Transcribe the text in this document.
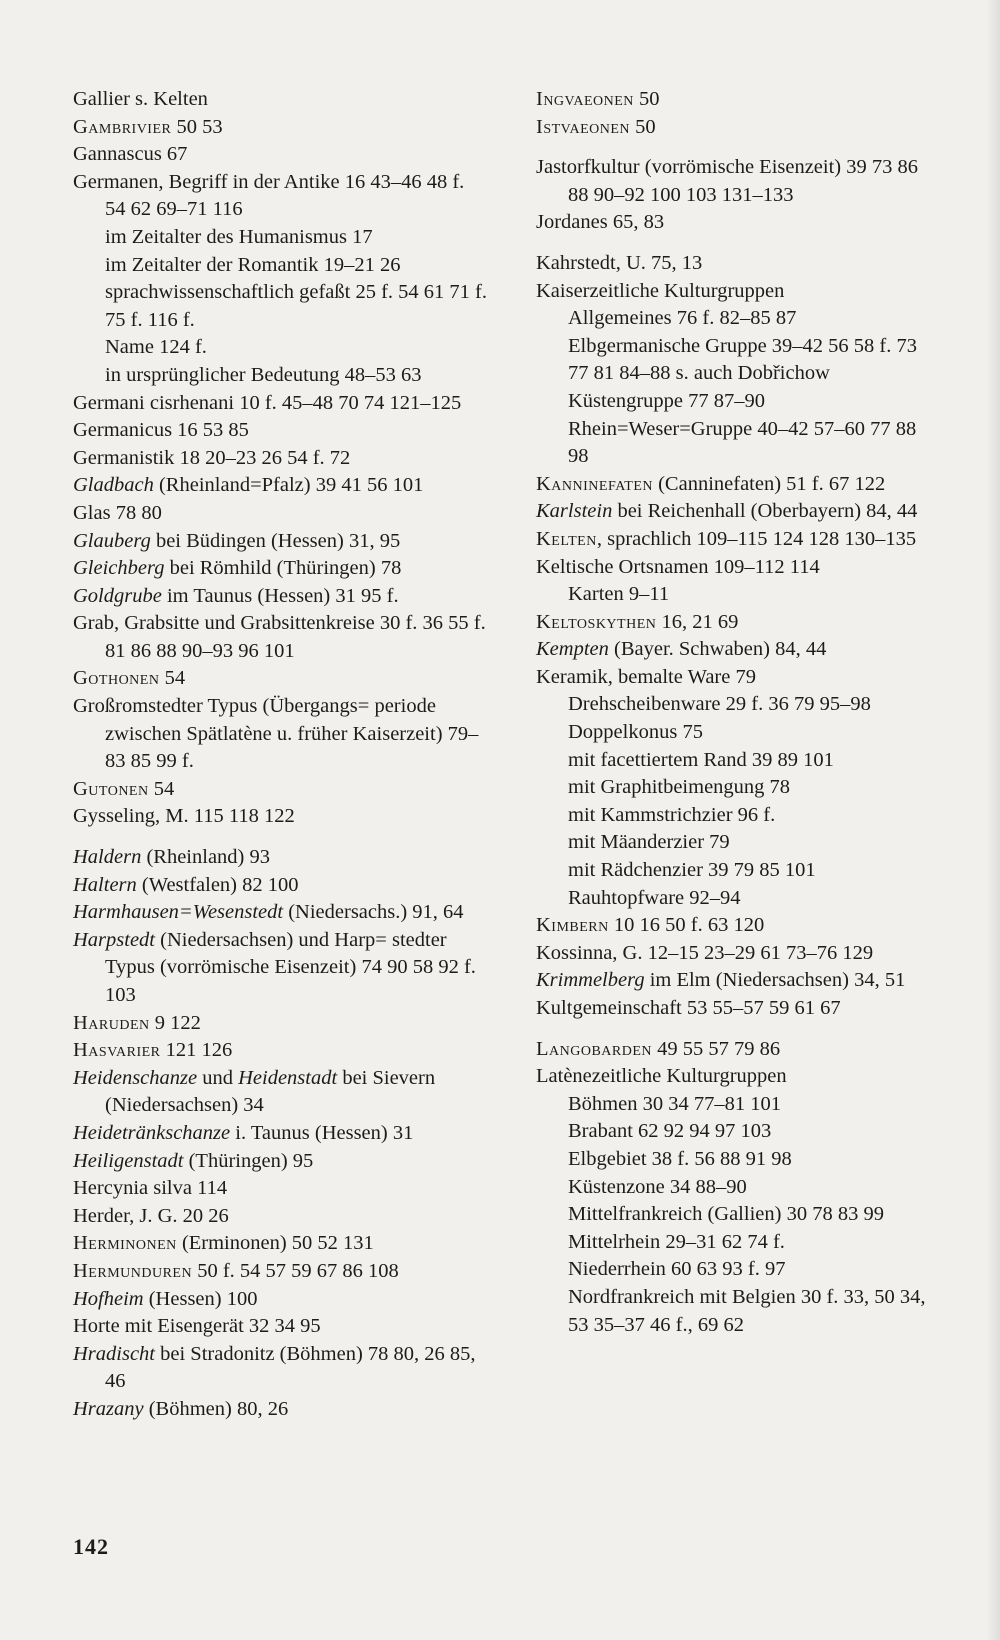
Gallier s. Kelten
Gambrivier 50 53
Gannascus 67
Germanen, Begriff in der Antike 16 43–46 48 f. 54 62 69–71 116
im Zeitalter des Humanismus 17
im Zeitalter der Romantik 19–21 26
sprachwissenschaftlich gefaßt 25 f. 54 61 71 f. 75 f. 116 f.
Name 124 f.
in ursprünglicher Bedeutung 48–53 63
Germani cisrhenani 10 f. 45–48 70 74 121–125
Germanicus 16 53 85
Germanistik 18 20–23 26 54 f. 72
Gladbach (Rheinland=Pfalz) 39 41 56 101
Glas 78 80
Glauberg bei Büdingen (Hessen) 31, 95
Gleichberg bei Römhild (Thüringen) 78
Goldgrube im Taunus (Hessen) 31 95 f.
Grab, Grabsitte und Grabsittenkreise 30 f. 36 55 f. 81 86 88 90–93 96 101
Gothonen 54
Großromstedter Typus (Übergangs= periode zwischen Spätlatène u. früher Kaiserzeit) 79–83 85 99 f.
Gutonen 54
Gysseling, M. 115 118 122
Haldern (Rheinland) 93
Haltern (Westfalen) 82 100
Harmhausen=Wesenstedt (Niedersachs.) 91, 64
Harpstedt (Niedersachsen) und Harp= stedter Typus (vorrömische Eisenzeit) 74 90 58 92 f. 103
Haruden 9 122
Hasvarier 121 126
Heidenschanze und Heidenstadt bei Sievern (Niedersachsen) 34
Heidetränkschanze i. Taunus (Hessen) 31
Heiligenstadt (Thüringen) 95
Hercynia silva 114
Herder, J. G. 20 26
Herminonen (Erminonen) 50 52 131
Hermunduren 50 f. 54 57 59 67 86 108
Hofheim (Hessen) 100
Horte mit Eisengerät 32 34 95
Hradischt bei Stradonitz (Böhmen) 78 80, 26 85, 46
Hrazany (Böhmen) 80, 26
Ingvaeonen 50
Istvaeonen 50
Jastorfkultur (vorrömische Eisenzeit) 39 73 86 88 90–92 100 103 131–133
Jordanes 65, 83
Kahrstedt, U. 75, 13
Kaiserzeitliche Kulturgruppen
Allgemeines 76 f. 82–85 87
Elbgermanische Gruppe 39–42 56 58 f. 73 77 81 84–88 s. auch Dobřichow
Küstengruppe 77 87–90
Rhein=Weser=Gruppe 40–42 57–60 77 88 98
Kanninefaten (Canninefaten) 51 f. 67 122
Karlstein bei Reichenhall (Oberbayern) 84, 44
Kelten, sprachlich 109–115 124 128 130–135
Keltische Ortsnamen 109–112 114
Karten 9–11
Keltoskythen 16, 21 69
Kempten (Bayer. Schwaben) 84, 44
Keramik, bemalte Ware 79
Drehscheibenware 29 f. 36 79 95–98
Doppelkonus 75
mit facettiertem Rand 39 89 101
mit Graphitbeimengung 78
mit Kammstrichzier 96 f.
mit Mäanderzier 79
mit Rädchenzier 39 79 85 101
Rauhtopfware 92–94
Kimbern 10 16 50 f. 63 120
Kossinna, G. 12–15 23–29 61 73–76 129
Krimmelberg im Elm (Niedersachsen) 34, 51
Kultgemeinschaft 53 55–57 59 61 67
Langobarden 49 55 57 79 86
Latènezeitliche Kulturgruppen
Böhmen 30 34 77–81 101
Brabant 62 92 94 97 103
Elbgebiet 38 f. 56 88 91 98
Küstenzone 34 88–90
Mittelfrankreich (Gallien) 30 78 83 99
Mittelrhein 29–31 62 74 f.
Niederrhein 60 63 93 f. 97
Nordfrankreich mit Belgien 30 f. 33, 50 34, 53 35–37 46 f., 69 62
142
